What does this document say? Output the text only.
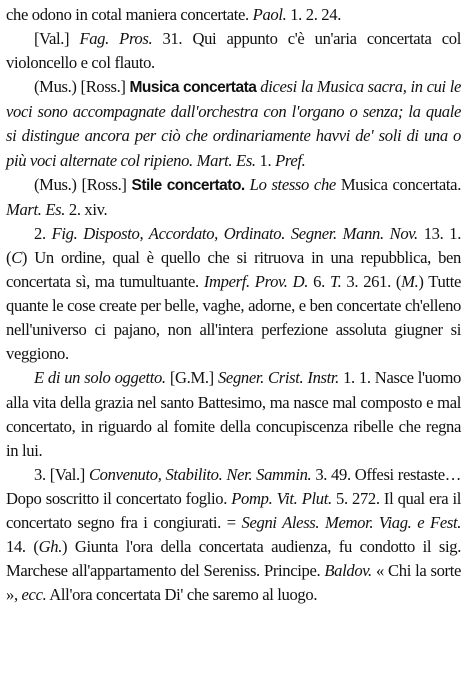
che odono in cotal maniera concertate. Paol. 1. 2. 24.

[Val.] Fag. Pros. 31. Qui appunto c'è un'aria concertata col violoncello e col flauto.

(Mus.) [Ross.] Musica concertata dicesi la Musica sacra, in cui le voci sono accompagnate dall'orchestra con l'organo o senza; la quale si distingue ancora per ciò che ordinariamente havvi de' soli di una o più voci alternate col ripieno. Mart. Es. 1. Pref.

(Mus.) [Ross.] Stile concertato. Lo stesso che Musica concertata. Mart. Es. 2. xiv.

2. Fig. Disposto, Accordato, Ordinato. Segner. Mann. Nov. 13. 1. (C) Un ordine, qual è quello che si ritruova in una repubblica, ben concertata sì, ma tumultuante. Imperf. Prov. D. 6. T. 3. 261. (M.) Tutte quante le cose create per belle, vaghe, adorne, e ben concertate ch'elleno nell'universo ci pajano, non all'intera perfezione assoluta giugner si veggiono.

E di un solo oggetto. [G.M.] Segner. Crist. Instr. 1. 1. Nasce l'uomo alla vita della grazia nel santo Battesimo, ma nasce mal composto e mal concertato, in riguardo al fomite della concupiscenza ribelle che regna in lui.

3. [Val.] Convenuto, Stabilito. Ner. Sammin. 3. 49. Offesi restaste… Dopo soscritto il concertato foglio. Pomp. Vit. Plut. 5. 272. Il qual era il concertato segno fra i congiurati. = Segni Aless. Memor. Viag. e Fest. 14. (Gh.) Giunta l'ora della concertata audienza, fu condotto il sig. Marchese all'appartamento del Sereniss. Principe. Baldov. « Chi la sorte », ecc. All'ora concertata Di' che saremo al luogo.
